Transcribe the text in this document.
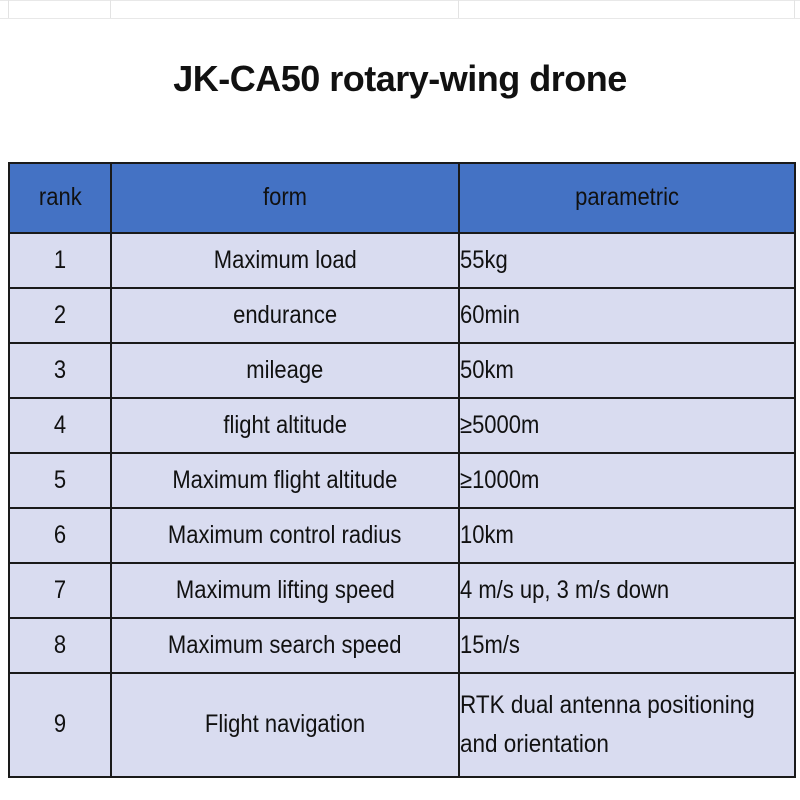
JK-CA50 rotary-wing drone
rank	form	parametric
1	Maximum load	55kg
2	endurance	60min
3	mileage	50km
4	flight altitude	≥5000m
5	Maximum flight altitude	≥1000m
6	Maximum control radius	10km
7	Maximum lifting speed	4 m/s up, 3 m/s down
8	Maximum search speed	15m/s
9	Flight navigation	RTK dual antenna positioning and orientation
